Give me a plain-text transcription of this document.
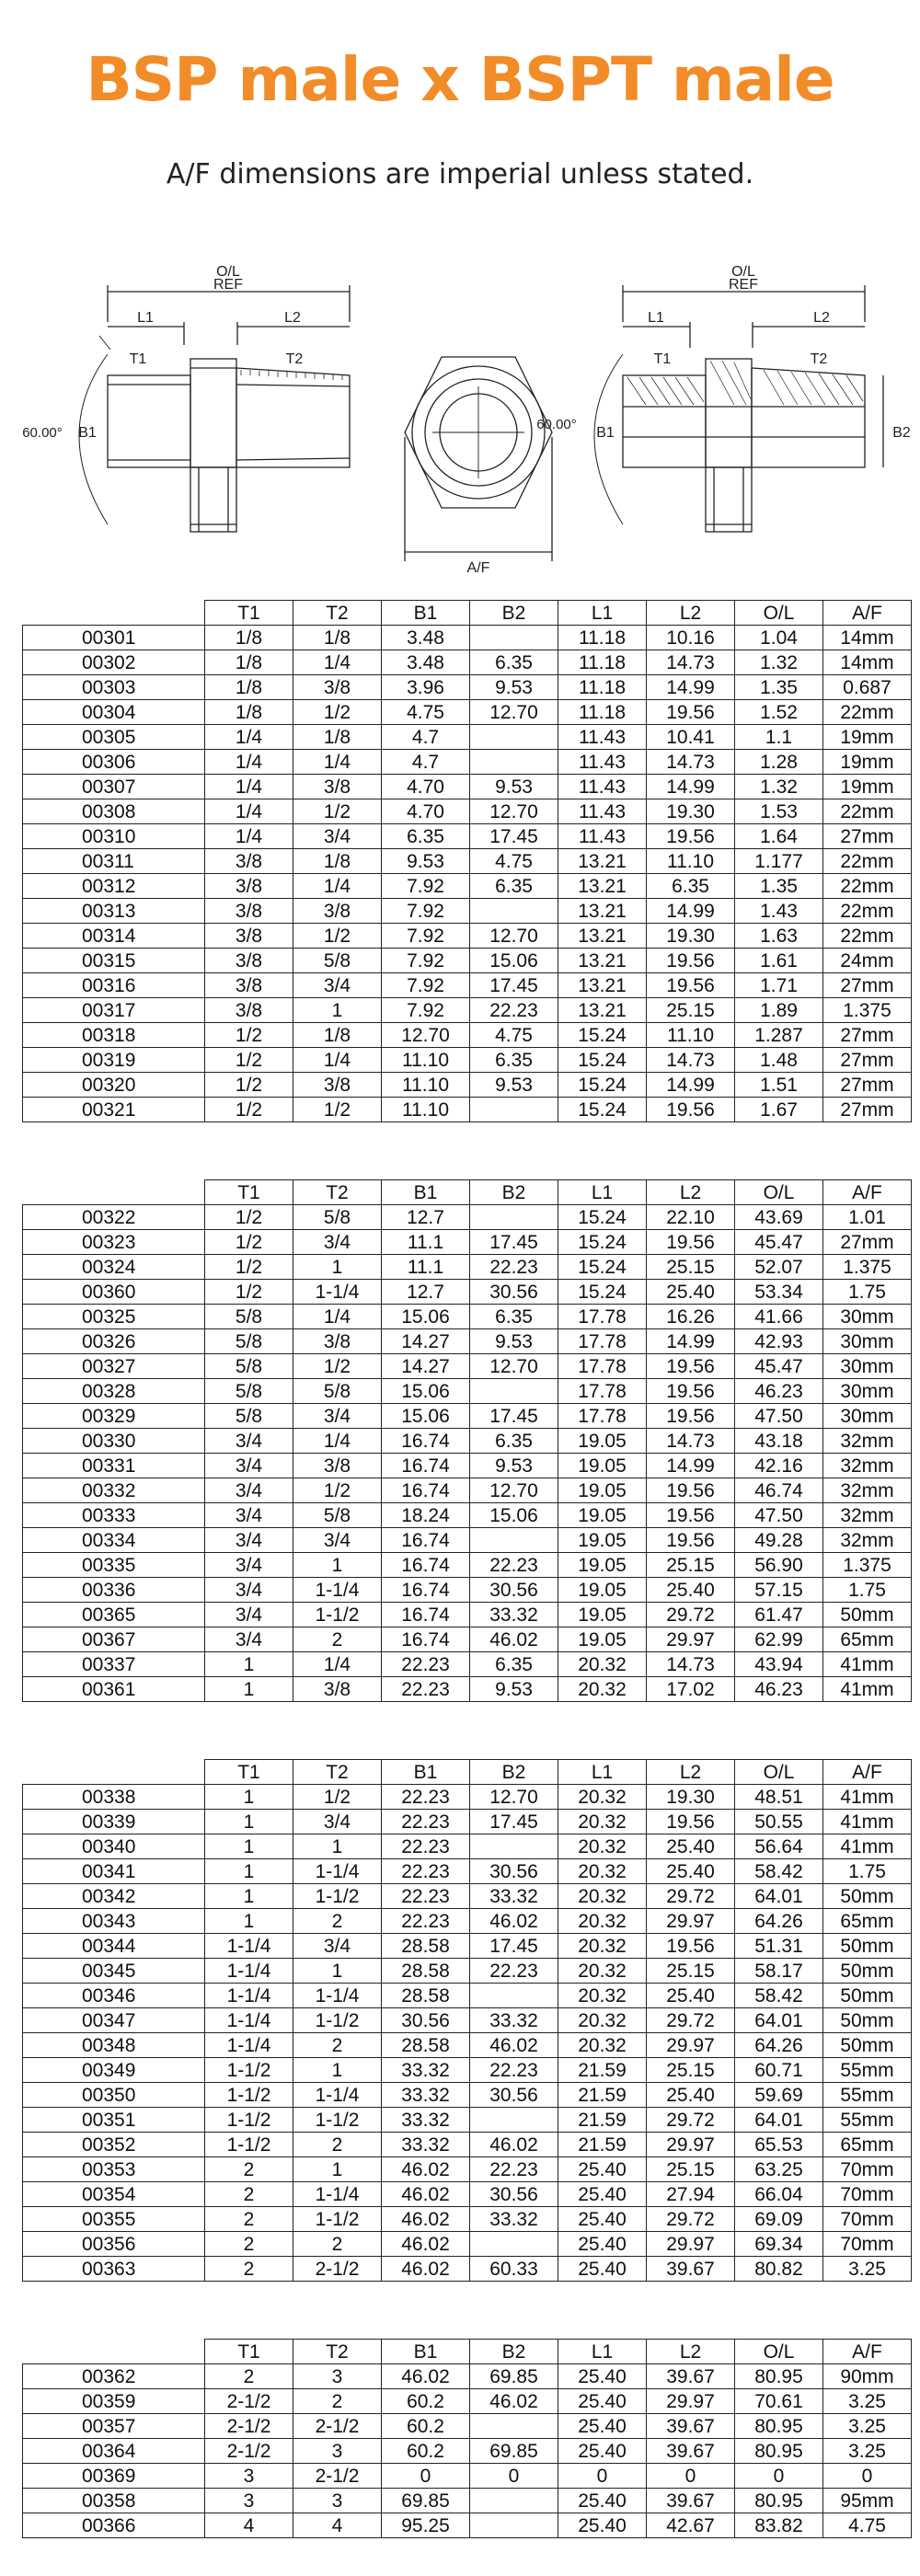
BSP male x BSPT male
A/F dimensions are imperial unless stated.
O/L
REF
L1	L2
T1	T2
B1
60.00°
A/F
O/L
REF
L1	L2
T1	T2
B1	B2
60.00°
	T1	T2	B1	B2	L1	L2	O/L	A/F
00301	1/8	1/8	3.48		11.18	10.16	1.04	14mm
00302	1/8	1/4	3.48	6.35	11.18	14.73	1.32	14mm
00303	1/8	3/8	3.96	9.53	11.18	14.99	1.35	0.687
00304	1/8	1/2	4.75	12.70	11.18	19.56	1.52	22mm
00305	1/4	1/8	4.7		11.43	10.41	1.1	19mm
00306	1/4	1/4	4.7		11.43	14.73	1.28	19mm
00307	1/4	3/8	4.70	9.53	11.43	14.99	1.32	19mm
00308	1/4	1/2	4.70	12.70	11.43	19.30	1.53	22mm
00310	1/4	3/4	6.35	17.45	11.43	19.56	1.64	27mm
00311	3/8	1/8	9.53	4.75	13.21	11.10	1.177	22mm
00312	3/8	1/4	7.92	6.35	13.21	6.35	1.35	22mm
00313	3/8	3/8	7.92		13.21	14.99	1.43	22mm
00314	3/8	1/2	7.92	12.70	13.21	19.30	1.63	22mm
00315	3/8	5/8	7.92	15.06	13.21	19.56	1.61	24mm
00316	3/8	3/4	7.92	17.45	13.21	19.56	1.71	27mm
00317	3/8	1	7.92	22.23	13.21	25.15	1.89	1.375
00318	1/2	1/8	12.70	4.75	15.24	11.10	1.287	27mm
00319	1/2	1/4	11.10	6.35	15.24	14.73	1.48	27mm
00320	1/2	3/8	11.10	9.53	15.24	14.99	1.51	27mm
00321	1/2	1/2	11.10		15.24	19.56	1.67	27mm
	T1	T2	B1	B2	L1	L2	O/L	A/F
00322	1/2	5/8	12.7		15.24	22.10	43.69	1.01
00323	1/2	3/4	11.1	17.45	15.24	19.56	45.47	27mm
00324	1/2	1	11.1	22.23	15.24	25.15	52.07	1.375
00360	1/2	1-1/4	12.7	30.56	15.24	25.40	53.34	1.75
00325	5/8	1/4	15.06	6.35	17.78	16.26	41.66	30mm
00326	5/8	3/8	14.27	9.53	17.78	14.99	42.93	30mm
00327	5/8	1/2	14.27	12.70	17.78	19.56	45.47	30mm
00328	5/8	5/8	15.06		17.78	19.56	46.23	30mm
00329	5/8	3/4	15.06	17.45	17.78	19.56	47.50	30mm
00330	3/4	1/4	16.74	6.35	19.05	14.73	43.18	32mm
00331	3/4	3/8	16.74	9.53	19.05	14.99	42.16	32mm
00332	3/4	1/2	16.74	12.70	19.05	19.56	46.74	32mm
00333	3/4	5/8	18.24	15.06	19.05	19.56	47.50	32mm
00334	3/4	3/4	16.74		19.05	19.56	49.28	32mm
00335	3/4	1	16.74	22.23	19.05	25.15	56.90	1.375
00336	3/4	1-1/4	16.74	30.56	19.05	25.40	57.15	1.75
00365	3/4	1-1/2	16.74	33.32	19.05	29.72	61.47	50mm
00367	3/4	2	16.74	46.02	19.05	29.97	62.99	65mm
00337	1	1/4	22.23	6.35	20.32	14.73	43.94	41mm
00361	1	3/8	22.23	9.53	20.32	17.02	46.23	41mm
	T1	T2	B1	B2	L1	L2	O/L	A/F
00338	1	1/2	22.23	12.70	20.32	19.30	48.51	41mm
00339	1	3/4	22.23	17.45	20.32	19.56	50.55	41mm
00340	1	1	22.23		20.32	25.40	56.64	41mm
00341	1	1-1/4	22.23	30.56	20.32	25.40	58.42	1.75
00342	1	1-1/2	22.23	33.32	20.32	29.72	64.01	50mm
00343	1	2	22.23	46.02	20.32	29.97	64.26	65mm
00344	1-1/4	3/4	28.58	17.45	20.32	19.56	51.31	50mm
00345	1-1/4	1	28.58	22.23	20.32	25.15	58.17	50mm
00346	1-1/4	1-1/4	28.58		20.32	25.40	58.42	50mm
00347	1-1/4	1-1/2	30.56	33.32	20.32	29.72	64.01	50mm
00348	1-1/4	2	28.58	46.02	20.32	29.97	64.26	50mm
00349	1-1/2	1	33.32	22.23	21.59	25.15	60.71	55mm
00350	1-1/2	1-1/4	33.32	30.56	21.59	25.40	59.69	55mm
00351	1-1/2	1-1/2	33.32		21.59	29.72	64.01	55mm
00352	1-1/2	2	33.32	46.02	21.59	29.97	65.53	65mm
00353	2	1	46.02	22.23	25.40	25.15	63.25	70mm
00354	2	1-1/4	46.02	30.56	25.40	27.94	66.04	70mm
00355	2	1-1/2	46.02	33.32	25.40	29.72	69.09	70mm
00356	2	2	46.02		25.40	29.97	69.34	70mm
00363	2	2-1/2	46.02	60.33	25.40	39.67	80.82	3.25
	T1	T2	B1	B2	L1	L2	O/L	A/F
00362	2	3	46.02	69.85	25.40	39.67	80.95	90mm
00359	2-1/2	2	60.2	46.02	25.40	29.97	70.61	3.25
00357	2-1/2	2-1/2	60.2		25.40	39.67	80.95	3.25
00364	2-1/2	3	60.2	69.85	25.40	39.67	80.95	3.25
00369	3	2-1/2	0	0	0	0	0	0
00358	3	3	69.85		25.40	39.67	80.95	95mm
00366	4	4	95.25		25.40	42.67	83.82	4.75
